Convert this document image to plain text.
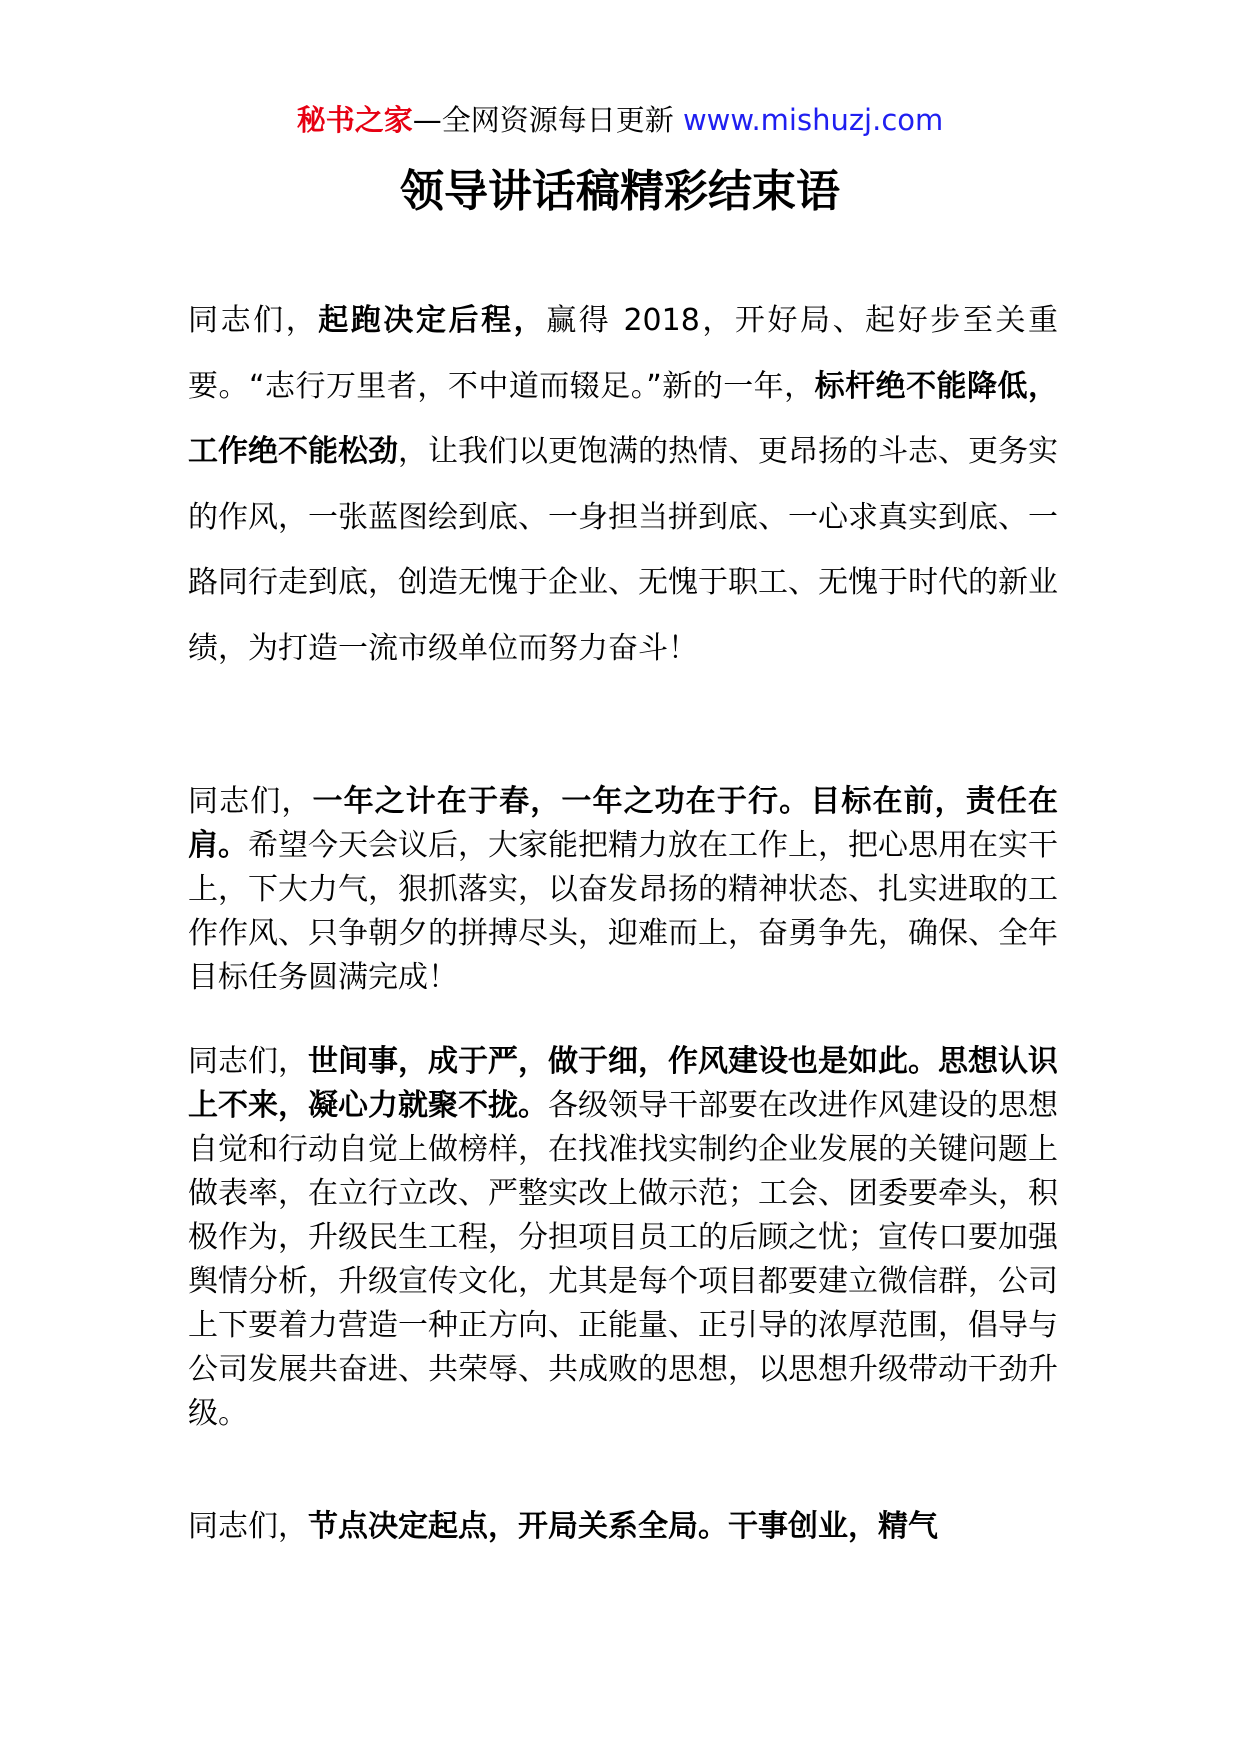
秘书之家—全网资源每日更新 www.mishuzj.com
领导讲话稿精彩结束语

同志们，起跑决定后程，赢得 2018，开好局、起好步至关重要。“志行万里者，不中道而辍足。”新的一年，标杆绝不能降低，工作绝不能松劲，让我们以更饱满的热情、更昂扬的斗志、更务实的作风，一张蓝图绘到底、一身担当拼到底、一心求真实到底、一路同行走到底，创造无愧于企业、无愧于职工、无愧于时代的新业绩，为打造一流市级单位而努力奋斗！

同志们，一年之计在于春，一年之功在于行。目标在前，责任在肩。希望今天会议后，大家能把精力放在工作上，把心思用在实干上，下大力气，狠抓落实，以奋发昂扬的精神状态、扎实进取的工作作风、只争朝夕的拼搏尽头，迎难而上，奋勇争先，确保、全年目标任务圆满完成！

同志们，世间事，成于严，做于细，作风建设也是如此。思想认识上不来，凝心力就聚不拢。各级领导干部要在改进作风建设的思想自觉和行动自觉上做榜样，在找准找实制约企业发展的关键问题上做表率，在立行立改、严整实改上做示范；工会、团委要牵头，积极作为，升级民生工程，分担项目员工的后顾之忧；宣传口要加强舆情分析，升级宣传文化，尤其是每个项目都要建立微信群，公司上下要着力营造一种正方向、正能量、正引导的浓厚范围，倡导与公司发展共奋进、共荣辱、共成败的思想，以思想升级带动干劲升级。

同志们，节点决定起点，开局关系全局。干事创业，精气
